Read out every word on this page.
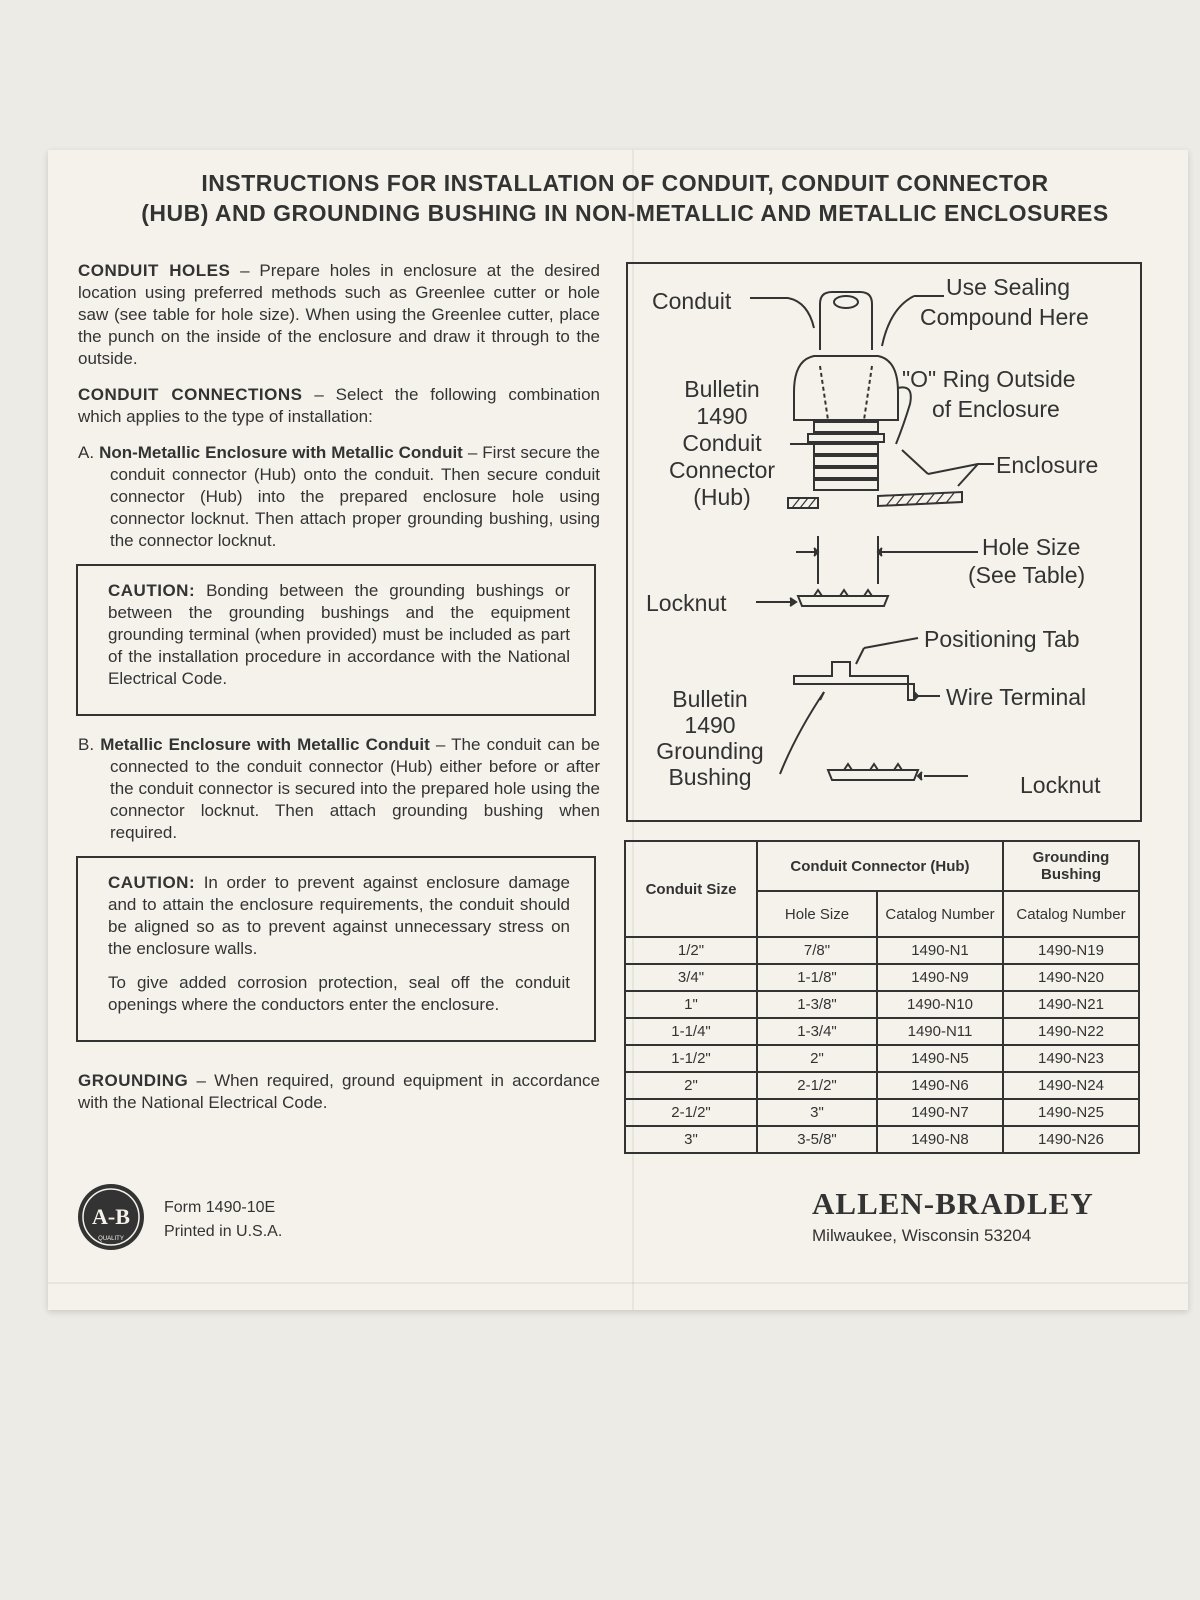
INSTRUCTIONS FOR INSTALLATION OF CONDUIT, CONDUIT CONNECTOR
(HUB) AND GROUNDING BUSHING IN NON-METALLIC AND METALLIC ENCLOSURES

CONDUIT HOLES – Prepare holes in enclosure at the desired location using preferred methods such as Greenlee cutter or hole saw (see table for hole size). When using the Greenlee cutter, place the punch on the inside of the enclosure and draw it through to the outside.

CONDUIT CONNECTIONS – Select the following combination which applies to the type of installation:

A. Non-Metallic Enclosure with Metallic Conduit – First secure the conduit connector (Hub) onto the conduit. Then secure conduit connector (Hub) into the prepared enclosure hole using connector locknut. Then attach proper grounding bushing, using the connector locknut.

CAUTION: Bonding between the grounding bushings or between the grounding bushings and the equipment grounding terminal (when provided) must be included as part of the installation procedure in accordance with the National Electrical Code.

B. Metallic Enclosure with Metallic Conduit – The conduit can be connected to the conduit connector (Hub) either before or after the conduit connector is secured into the prepared hole using the connector locknut. Then attach grounding bushing when required.

CAUTION: In order to prevent against enclosure damage and to attain the enclosure requirements, the conduit should be aligned so as to prevent against unnecessary stress on the enclosure walls.

To give added corrosion protection, seal off the conduit openings where the conductors enter the enclosure.

GROUNDING – When required, ground equipment in accordance with the National Electrical Code.

Conduit
Use Sealing
Compound Here
Bulletin
1490
Conduit
Connector
(Hub)
"O" Ring Outside
of Enclosure
Enclosure
Hole Size
(See Table)
Locknut
Positioning Tab
Wire Terminal
Bulletin
1490
Grounding
Bushing	Locknut
Conduit Size	Conduit Connector (Hub)		Grounding Bushing
	Hole Size	Catalog Number	Catalog Number
1/2"	7/8"	1490-N1	1490-N19
3/4"	1-1/8"	1490-N9	1490-N20
1"	1-3/8"	1490-N10	1490-N21
1-1/4"	1-3/4"	1490-N11	1490-N22
1-1/2"	2"	1490-N5	1490-N23
2"	2-1/2"	1490-N6	1490-N24
2-1/2"	3"	1490-N7	1490-N25
3"	3-5/8"	1490-N8	1490-N26
A-B
QUALITY
Form 1490-10E
Printed in U.S.A.
ALLEN-BRADLEY
Milwaukee, Wisconsin 53204
